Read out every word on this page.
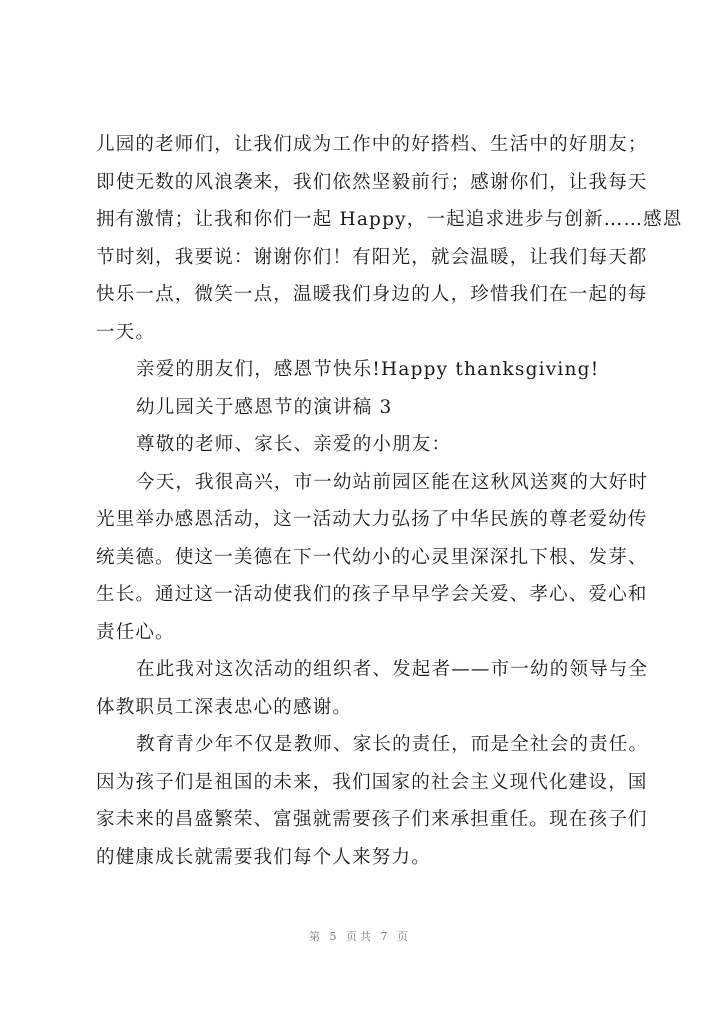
儿园的老师们，让我们成为工作中的好搭档、生活中的好朋友；
即使无数的风浪袭来，我们依然坚毅前行；感谢你们，让我每天
拥有激情；让我和你们一起 Happy，一起追求进步与创新……感恩
节时刻，我要说：谢谢你们！有阳光，就会温暖，让我们每天都
快乐一点，微笑一点，温暖我们身边的人，珍惜我们在一起的每
一天。
亲爱的朋友们，感恩节快乐!Happy thanksgiving!
幼儿园关于感恩节的演讲稿 3
尊敬的老师、家长、亲爱的小朋友：
今天，我很高兴，市一幼站前园区能在这秋风送爽的大好时
光里举办感恩活动，这一活动大力弘扬了中华民族的尊老爱幼传
统美德。使这一美德在下一代幼小的心灵里深深扎下根、发芽、
生长。通过这一活动使我们的孩子早早学会关爱、孝心、爱心和
责任心。
在此我对这次活动的组织者、发起者——市一幼的领导与全
体教职员工深表忠心的感谢。
教育青少年不仅是教师、家长的责任，而是全社会的责任。
因为孩子们是祖国的未来，我们国家的社会主义现代化建设，国
家未来的昌盛繁荣、富强就需要孩子们来承担重任。现在孩子们
的健康成长就需要我们每个人来努力。
第 5 页共 7 页
